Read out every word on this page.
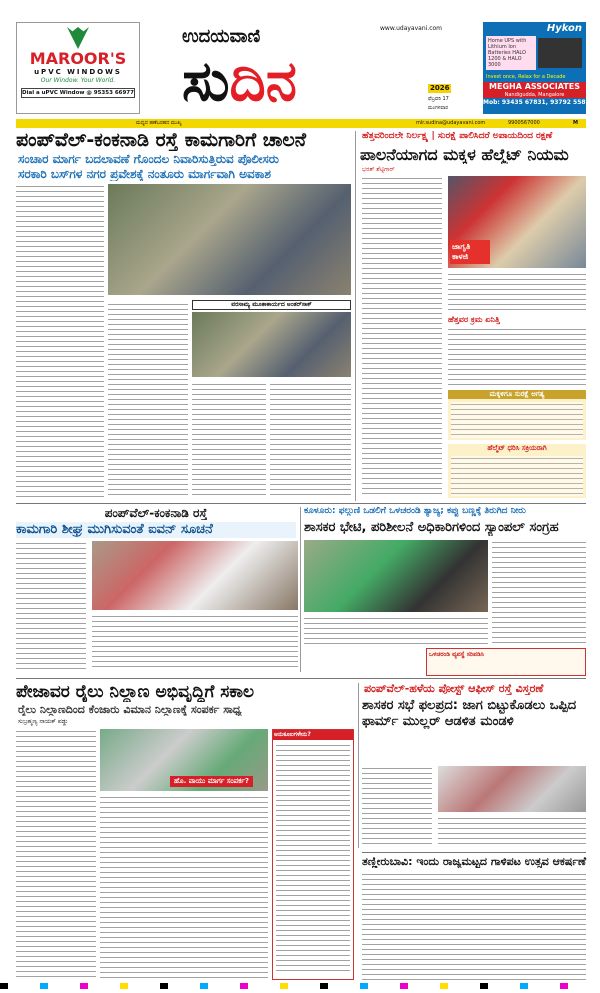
MAROOR'S
uPVC WINDOWS
Our Window. Your World.
Dial a uPVC Window @ 95353 66977
www.udayavani.com
ಉದಯವಾಣಿ
ಸುದಿನ	2026
ಫೆಬ್ರವರಿ 17
ಮಂಗಳವಾರ
Hykon
Home UPS with Lithium Ion Batteries HALO 1200 & HALO 3000
Invest once, Relax for a Decade
MEGHA ASSOCIATES
Nandigudda, Mangalore
Mob: 93435 67831, 93792 55881
ಮಧ್ಯದ ಹಣೆಬರಹದ ಮುಖ್ಯ	mlr.sudina@udayavani.com	9900567000	M
ಪಂಪ್‌ವೆಲ್-ಕಂಕನಾಡಿ ರಸ್ತೆ ಕಾಮಗಾರಿಗೆ ಚಾಲನೆ
ಸಂಚಾರ ಮಾರ್ಗ ಬದಲಾವಣೆ ಗೊಂದಲ ನಿವಾರಿಸುತ್ತಿರುವ ಪೊಲೀಸರು
ಸರಕಾರಿ ಬಸ್‌ಗಳ ನಗರ ಪ್ರವೇಶಕ್ಕೆ ನಂತೂರು ಮಾರ್ಗವಾಗಿ ಅವಕಾಶ
ವರಸಾಮ್ಯ ಮೂಕಾಕಾರ್ಯದ ಅಂತರ್‌ಸಾಕ್
ಹೆತ್ತವರಿಂದಲೇ ನಿರ್ಲಕ್ಷ್ಯ | ಸುರಕ್ಷೆ ಪಾಲಿಸಿದರೆ ಅಪಾಯದಿಂದ ರಕ್ಷಣೆ
ಪಾಲನೆಯಾಗದ ಮಕ್ಕಳ ಹೆಲ್ಮೆಟ್ ನಿಯಮ
ಭರತ್ ಶೆಟ್ಟಿಗಾರ್
ಜಾಗೃತಿ ಕಾಳಜಿ
ಹೆತ್ತವರ ಕ್ರಮ ಏನಿತ್ತಿ
ಮಕ್ಕಳಿಗೂ ಸುರಕ್ಷೆ ಅಗತ್ಯ
ಹೆಲ್ಮೆಟ್ ಧರಿಸಿ ಸಕ್ರಿಯರಾಗಿ
ಪಂಪ್‌ವೆಲ್-ಕಂಕನಾಡಿ ರಸ್ತೆ
ಕಾಮಗಾರಿ ಶೀಘ್ರ ಮುಗಿಸುವಂತೆ ಐವನ್ ಸೂಚನೆ
ಕೂಳೂರು: ಫಲ್ಗುಣಿ ಒಡಲಿಗೆ ಒಳಚರಂಡಿ ತ್ಯಾಜ್ಯ; ಕಪ್ಪು ಬಣ್ಣಕ್ಕೆ ತಿರುಗಿದ ನೀರು
ಶಾಸಕರ ಭೇಟಿ, ಪರಿಶೀಲನೆ ಅಧಿಕಾರಿಗಳಿಂದ ಸ್ಯಾಂಪಲ್ ಸಂಗ್ರಹ
ಒಳಚರಂಡಿ ವ್ಯವಸ್ಥೆ ಸರಿಪಡಿಸಿ
ಪೇಜಾವರ ರೈಲು ನಿಲ್ದಾಣ ಅಭಿವೃದ್ಧಿಗೆ ಸಕಾಲ
ರೈಲು ನಿಲ್ದಾಣದಿಂದ ಕೆಂಜಾರು ವಿಮಾನ ನಿಲ್ದಾಣಕ್ಕೆ ಸಂಪರ್ಕ ಸಾಧ್ಯ
ಸುಬ್ರಹ್ಮಣ್ಯ ನಾಯಕ್ ಪಡ್ಡು
ಹೊ. ವಾಯು ಮಾರ್ಗ ಸಂಪರ್ಕ?
ಅನುಕೂಲಗಳೇನು?
ಪಂಪ್‌ವೆಲ್-ಹಳೆಯ ಪೋಸ್ಟ್ ಆಫೀಸ್ ರಸ್ತೆ ವಿಸ್ತರಣೆ
ಶಾಸಕರ ಸಭೆ ಫಲಪ್ರದ: ಜಾಗ ಬಿಟ್ಟುಕೊಡಲು ಒಪ್ಪಿದ ಫಾರ್ಮ್ ಮುಲ್ಲರ್ ಆಡಳಿತ ಮಂಡಳಿ
ತಣ್ಣೀರುಬಾವಿ: ಇಂದು ರಾಜ್ಯಮಟ್ಟದ ಗಾಳಿಪಟ ಉತ್ಸವ ಆಕರ್ಷಣೆ
